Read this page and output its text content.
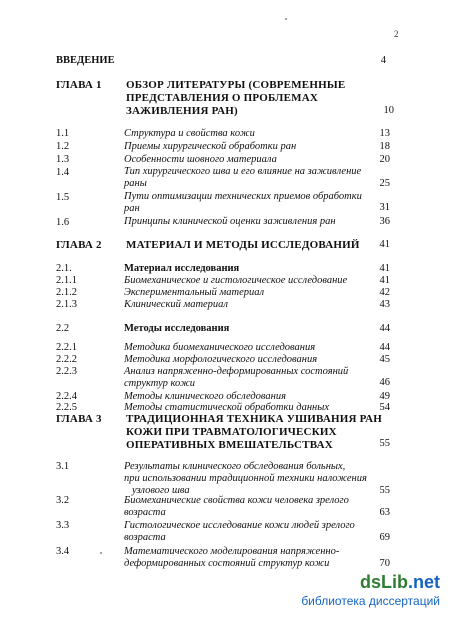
2
ВВЕДЕНИЕ	4
ГЛАВА 1 ОБЗОР ЛИТЕРАТУРЫ (СОВРЕМЕННЫЕ
ПРЕДСТАВЛЕНИЯ О ПРОБЛЕМАХ
ЗАЖИВЛЕНИЯ РАН)	10
1.1	Структура и свойства кожи	13
1.2	Приемы хирургической обработки ран	18
1.3	Особенности шовного материала	20
1.4	Тип хирургического шва и его влияние на заживление
раны	25
1.5	Пути оптимизации технических приемов обработки
ран	31
1.6	Принципы клинической оценки заживления ран	36
ГЛАВА 2 МАТЕРИАЛ И МЕТОДЫ ИССЛЕДОВАНИЙ	41
2.1.	Материал исследования	41
2.1.1	Биомеханическое и гистологическое исследование	41
2.1.2	Экспериментальный материал	42
2.1.3	Клинический материал	43
2.2	Методы исследования	44
2.2.1	Методика биомеханического исследования	44
2.2.2	Методика морфологического исследования	45
2.2.3	Анализ напряженно-деформированных состояний
структур кожи	46
2.2.4	Методы клинического обследования	49
2.2.5	Методы статистической обработки данных	54
ГЛАВА 3 ТРАДИЦИОННАЯ ТЕХНИКА УШИВАНИЯ РАН
КОЖИ ПРИ ТРАВМАТОЛОГИЧЕСКИХ
ОПЕРАТИВНЫХ ВМЕШАТЕЛЬСТВАХ	55
3.1	Результаты клинического обследования больных,
при использовании традиционной техники наложения
узлового шва	55
3.2	Биомеханические свойства кожи человека зрелого
возраста	63
3.3	Гистологическое исследование кожи людей зрелого
возраста	69
3.4	Математического моделирования напряженно-
деформированных состояний структур кожи	70
dsLib.net
библиотека диссертаций
